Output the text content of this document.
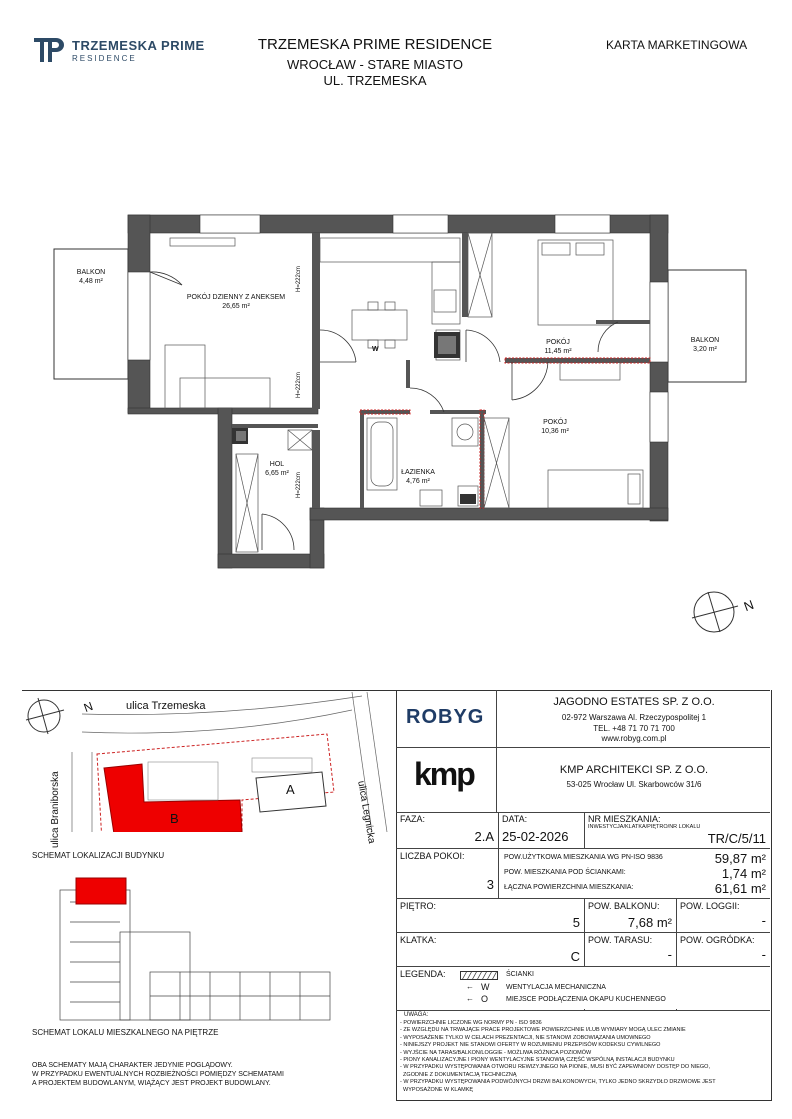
TRZEMESKA PRIME
RESIDENCE
TRZEMESKA PRIME RESIDENCE
WROCŁAW - STARE MIASTO
UL. TRZEMESKA
KARTA MARKETINGOWA
BALKON
4,48 m²
POKÓJ DZIENNY Z ANEKSEM
26,65 m²
HOL
6,65 m²	ŁAZIENKA
4,76 m²
POKÓJ
11,45 m²
POKÓJ
10,36 m²
BALKON
3,20 m²
H=222cm
H=222cm
H=222cm
W
N
ulica Trzemeska
ulica Braniborska	ulica Legnicka
N
A
B
SCHEMAT LOKALIZACJI BUDYNKU
SCHEMAT LOKALU MIESZKALNEGO NA PIĘTRZE
OBA SCHEMATY MAJĄ CHARAKTER JEDYNIE POGLĄDOWY.
W PRZYPADKU EWENTUALNYCH ROZBIEŻNOŚCI POMIĘDZY SCHEMATAMI
A PROJEKTEM BUDOWLANYM, WIĄŻĄCY JEST PROJEKT BUDOWLANY.
ROBYG
JAGODNO ESTATES SP. Z O.O.
02-972 Warszawa Al. Rzeczypospolitej 1
TEL. +48 71 70 71 700
www.robyg.com.pl
kmp	KMP ARCHITEKCI SP. Z O.O.
53-025 Wrocław Ul. Skarbowców 31/6
FAZA:
2.A
DATA:
25-02-2026
NR MIESZKANIA:
INWESTYCJA/KLATKA/PIĘTRO/NR LOKALU
TR/C/5/11
LICZBA POKOI:
3
POW.UŻYTKOWA MIESZKANIA WG PN-ISO 9836	59,87 m²
POW. MIESZKANIA POD ŚCIANKAMI:	1,74 m²
ŁĄCZNA POWIERZCHNIA MIESZKANIA:	61,61 m²
PIĘTRO:
5
POW. BALKONU:
7,68 m²
POW. LOGGII:
-
KLATKA:
C
POW. TARASU:
-
POW. OGRÓDKA:
-
LEGENDA:	ŚCIANKI
← W WENTYLACJA MECHANICZNA
← O	MIEJSCE PODŁĄCZENIA OKAPU KUCHENNEGO
UWAGA:
- POWIERZCHNIE LICZONE WG NORMY PN - ISO 9836
- ZE WZGLĘDU NA TRWAJĄCE PRACE PROJEKTOWE POWIERZCHNIE I/LUB WYMIARY MOGĄ ULEC ZMIANIE
- WYPOSAŻENIE TYLKO W CELACH PREZENTACJI, NIE STANOWI ZOBOWIĄZANIA UMOWNEGO
- NINIEJSZY PROJEKT NIE STANOWI OFERTY W ROZUMIENIU PRZEPISÓW KODEKSU CYWILNEGO
- WYJŚCIE NA TARAS/BALKON/LOGGIE - MOŻLIWA RÓŻNICA POZIOMÓW
- PIONY KANALIZACYJNE I PIONY WENTYLACYJNE STANOWIĄ CZĘŚĆ WSPÓLNĄ INSTALACJI BUDYNKU
- W PRZYPADKU WYSTĘPOWANIA OTWORU REWIZYJNEGO NA PIONIE, MUSI BYĆ ZAPEWNIONY DOSTĘP DO NIEGO,
ZGODNIE Z DOKUMENTACJĄ TECHNICZNĄ
- W PRZYPADKU WYSTĘPOWANIA PODWÓJNYCH DRZWI BALKONOWYCH, TYLKO JEDNO SKRZYDŁO DRZWIOWE JEST
WYPOSAŻONE W KLAMKĘ
